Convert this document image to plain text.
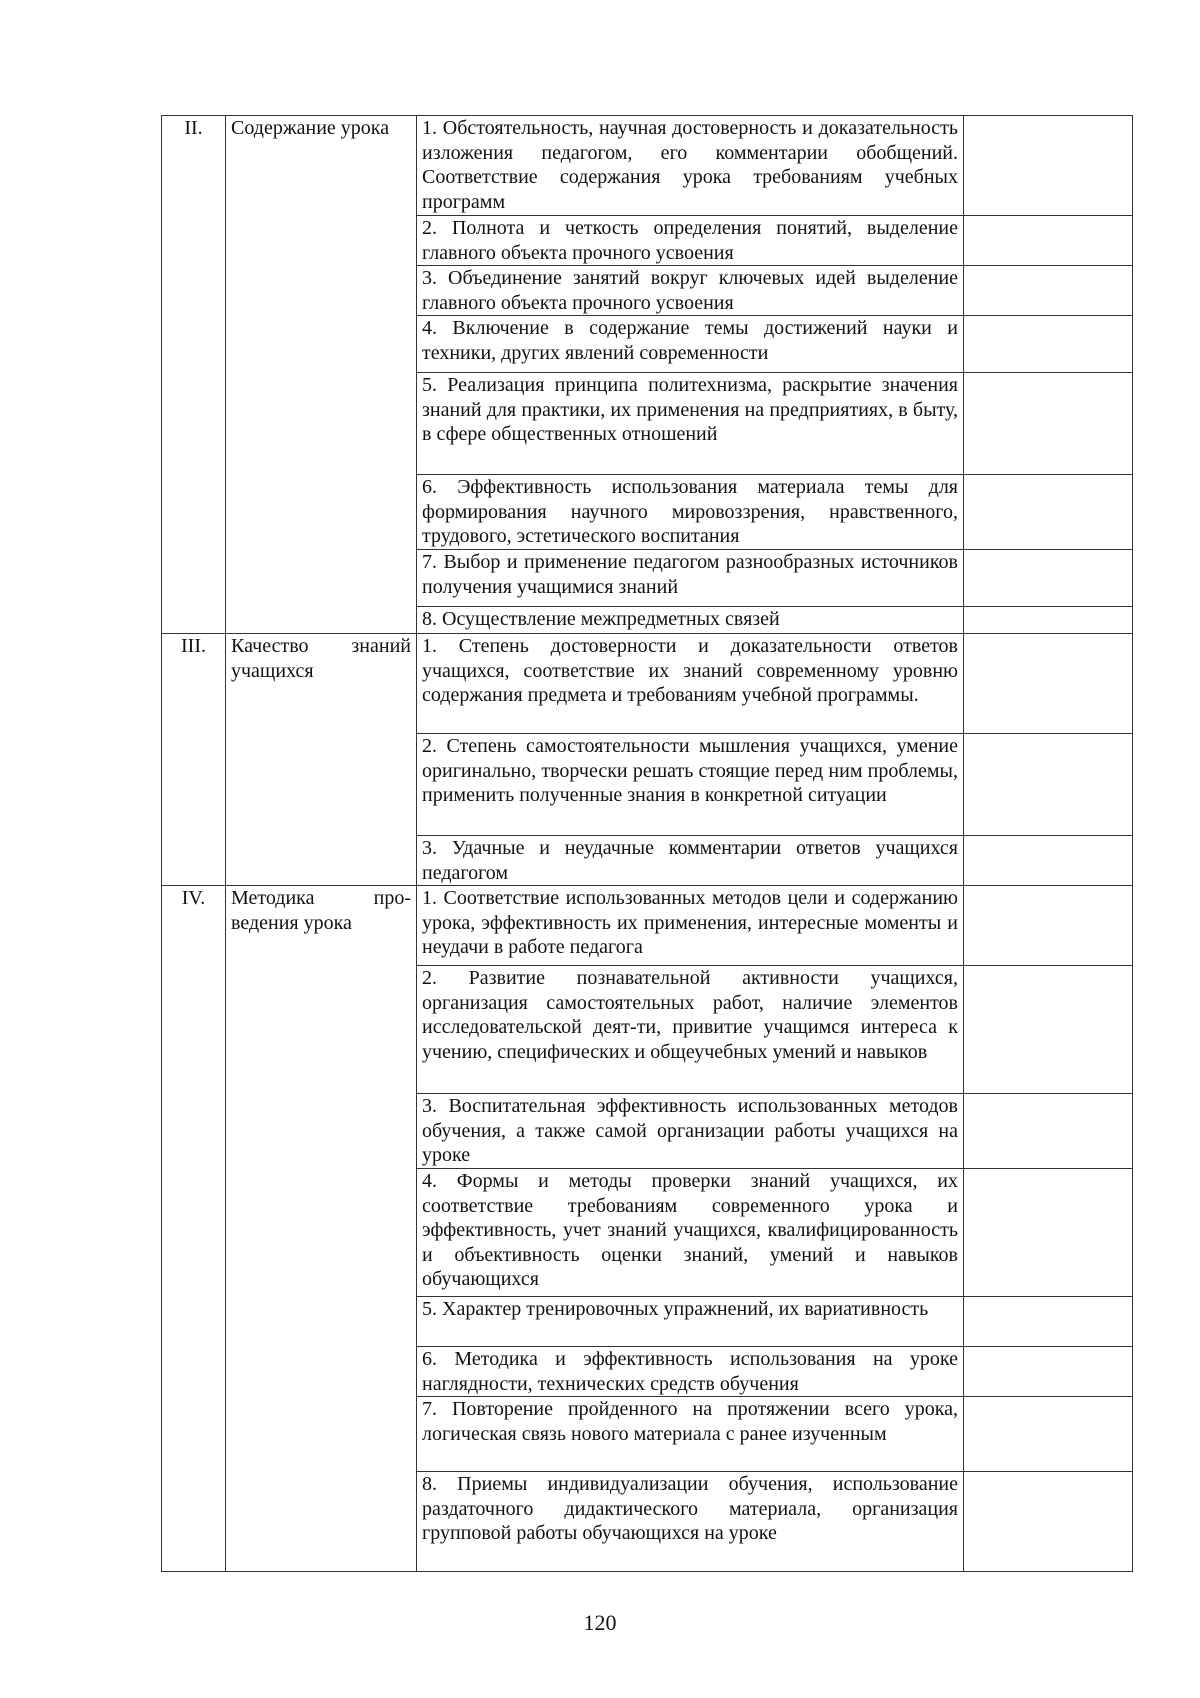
II.	Содержание урока	1. Обстоятельность, научная достоверность и доказательность изложения педагогом, его комментарии обобщений. Соответствие содержания урока требованиям учебных программ	
		2. Полнота и четкость определения понятий, выделение главного объекта прочного усвоения	
		3. Объединение занятий вокруг ключевых идей выделение главного объекта прочного усвоения	
		4. Включение в содержание темы достижений науки и техники, других явлений современности	
		5. Реализация принципа политехнизма, раскрытие значения знаний для практики, их применения на предприятиях, в быту, в сфере общественных отношений	
		6. Эффективность использования материала темы для формирования научного мировоззрения, нравственного, трудового, эстетического воспитания	
		7. Выбор и применение педагогом разнообразных источников получения учащимися знаний	
		8. Осуществление межпредметных связей	
III.	Качество знаний учащихся	1. Степень достоверности и доказательности ответов учащихся, соответствие их знаний современному уровню содержания предмета и требованиям учебной программы.	
		2. Степень самостоятельности мышления учащихся, умение оригинально, творчески решать стоящие перед ним проблемы, применить полученные знания в конкретной ситуации	
		3. Удачные и неудачные комментарии ответов учащихся педагогом	
IV.	Методика проведения урока	1. Соответствие использованных методов цели и содержанию урока, эффективность их применения, интересные моменты и неудачи в работе педагога	
		2. Развитие познавательной активности учащихся, организация самостоятельных работ, наличие элементов исследовательской деят-ти, привитие учащимся интереса к учению, специфических и общеучебных умений и навыков	
		3. Воспитательная эффективность использованных методов обучения, а также самой организации работы учащихся на уроке	
		4. Формы и методы проверки знаний учащихся, их соответствие требованиям современного урока и эффективность, учет знаний учащихся, квалифицированность и объективность оценки знаний, умений и навыков обучающихся	
		5. Характер тренировочных упражнений, их вариативность	
		6. Методика и эффективность использования на уроке наглядности, технических средств обучения	
		7. Повторение пройденного на протяжении всего урока, логическая связь нового материала с ранее изученным	
		8. Приемы индивидуализации обучения, использование раздаточного дидактического материала, организация групповой работы обучающихся на уроке	
120
